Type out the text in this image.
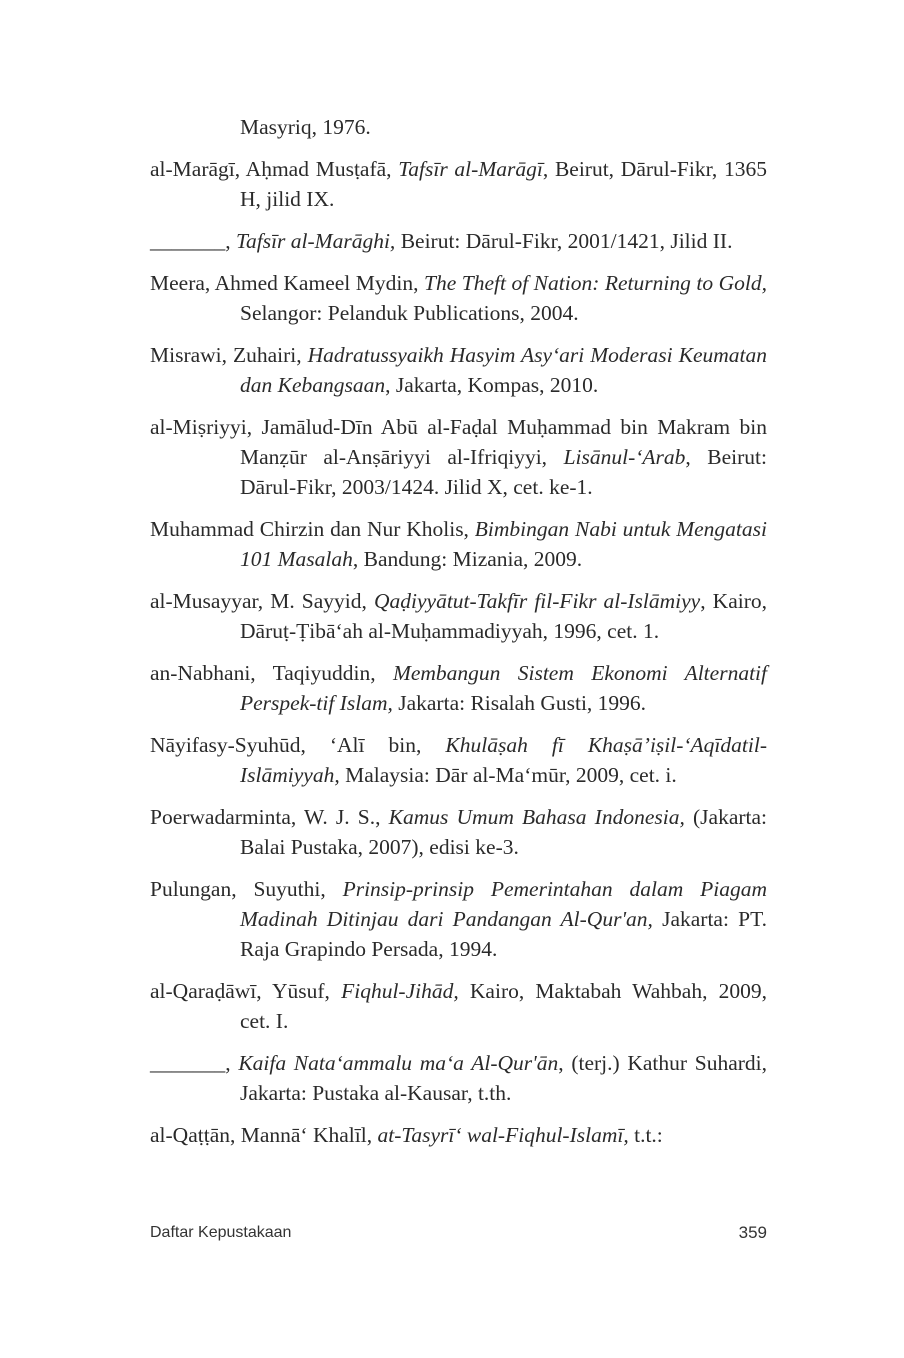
Masyriq, 1976.

al-Marāgī, Aḥmad Musṭafā, Tafsīr al-Marāgī, Beirut, Dārul-Fikr, 1365 H, jilid IX.

_______, Tafsīr al-Marāghi, Beirut: Dārul-Fikr, 2001/1421, Jilid II.

Meera, Ahmed Kameel Mydin, The Theft of Nation: Returning to Gold, Selangor: Pelanduk Publications, 2004.

Misrawi, Zuhairi, Hadratussyaikh Hasyim Asy‘ari Moderasi Keumatan dan Kebangsaan, Jakarta, Kompas, 2010.

al-Miṣriyyi, Jamālud-Dīn Abū al-Faḍal Muḥammad bin Makram bin Manẓūr al-Anṣāriyyi al-Ifriqiyyi, Lisānul-‘Arab, Beirut: Dārul-Fikr, 2003/1424. Jilid X, cet. ke-1.

Muhammad Chirzin dan Nur Kholis, Bimbingan Nabi untuk Mengatasi 101 Masalah, Bandung: Mizania, 2009.

al-Musayyar, M. Sayyid, Qaḍiyyātut-Takfīr fil-Fikr al-Islāmiyy, Kairo, Dāruṭ-Ṭibā‘ah al-Muḥammadiyyah, 1996, cet. 1.

an-Nabhani, Taqiyuddin, Membangun Sistem Ekonomi Alternatif Perspek-tif Islam, Jakarta: Risalah Gusti, 1996.

Nāyifasy-Syuhūd, ‘Alī bin, Khulāṣah fī Khaṣā’iṣil-‘Aqīdatil-Islāmiyyah, Malaysia: Dār al-Ma‘mūr, 2009, cet. i.

Poerwadarminta, W. J. S., Kamus Umum Bahasa Indonesia, (Jakarta: Balai Pustaka, 2007), edisi ke-3.

Pulungan, Suyuthi, Prinsip-prinsip Pemerintahan dalam Piagam Madinah Ditinjau dari Pandangan Al-Qur'an, Jakarta: PT. Raja Grapindo Persada, 1994.

al-Qaraḍāwī, Yūsuf, Fiqhul-Jihād, Kairo, Maktabah Wahbah, 2009, cet. I.

_______, Kaifa Nata‘ammalu ma‘a Al-Qur'ān, (terj.) Kathur Suhardi, Jakarta: Pustaka al-Kausar, t.th.

al-Qaṭṭān, Mannā‘ Khalīl, at-Tasyrī‘ wal-Fiqhul-Islamī, t.t.:

Daftar Kepustakaan	359
